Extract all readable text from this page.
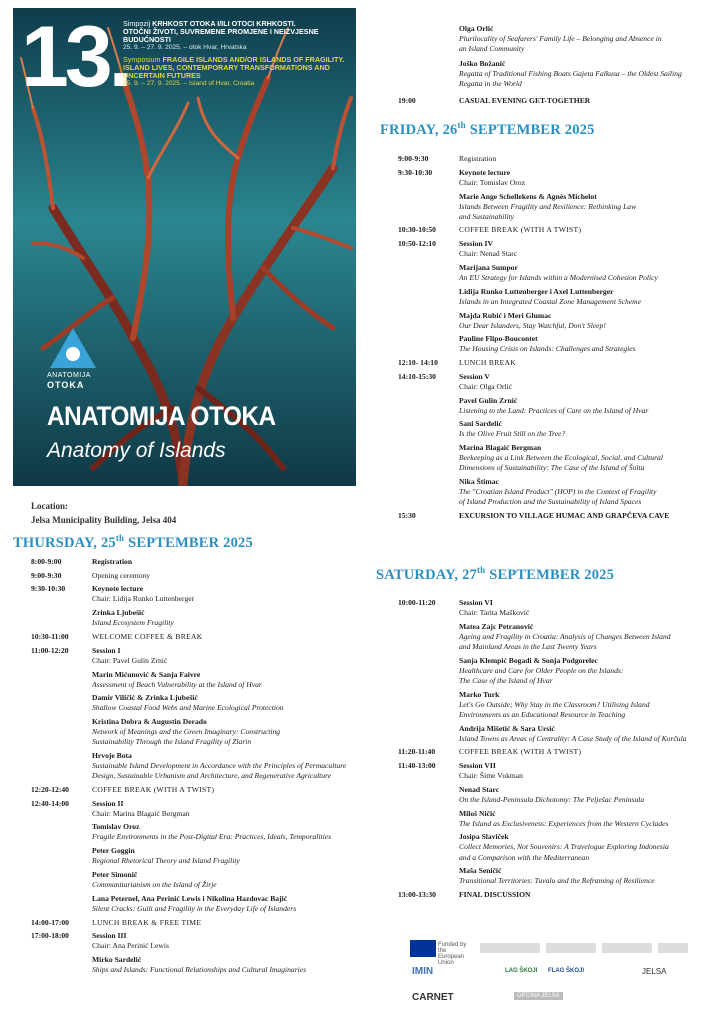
13.
Simpozij KRHKOST OTOKA I/ILI OTOCI KRHKOSTI.
OTOČNI ŽIVOTI, SUVREMENE PROMJENE I NEIZVJESNE BUDUĆNOSTI
25. 9. – 27. 9. 2025. – otok Hvar, Hrvatska
Symposium FRAGILE ISLANDS AND/OR ISLANDS OF FRAGILITY.
ISLAND LIVES, CONTEMPORARY TRANSFORMATIONS AND
UNCERTAIN FUTURES
25. 9. – 27. 9. 2025. – Island of Hvar, Croatia
ANATOMIJA
OTOKA
ANATOMIJA OTOKA
Anatomy of Islands
Location:
Jelsa Municipality Building, Jelsa 404
THURSDAY, 25th SEPTEMBER 2025
FRIDAY, 26th SEPTEMBER 2025
SATURDAY, 27th SEPTEMBER 2025
Olga Orlić
Plurilocality of Seafarers' Family Life – Belonging and Absence in
an Island Community
Joško Božanić
Regatta of Traditional Fishing Boats Gajeta Falkusa – the Oldest Sailing
Regatta in the World
19:00	CASUAL EVENING GET-TOGETHER
8:00-9:00	Registration
9:00-9:30	Opening ceremony
9:30-10:30	Keynote lecture
Chair: Lidija Runko Luttenberger
Zrinka Ljubešić
Island Ecosystem Fragility
10:30-11:00	WELCOME COFFEE & BREAK
11:00-12:20	Session I
Chair: Pavel Gulin Zrnić
Marin Mićunović & Sanja Faivre
Assessment of Beach Vulnerability at the Island of Hvar
Damir Viličić & Zrinka Ljubešić
Shallow Coastal Food Webs and Marine Ecological Protection
Kristina Dobra & Augustin Derado
Network of Meanings and the Green Imaginary: Constructing
Sustainability Through the Island Fragility of Zlarin
Hrvoje Bota
Sustainable Island Development in Accordance with the Principles of Permaculture
Design, Sustainable Urbanism and Architecture, and Regenerative Agriculture
12:20-12:40	COFFEE BREAK (WITH A TWIST)
12:40-14:00	Session II
Chair: Marina Blagaić Bergman
Tomislav Oroz
Fragile Environments in the Post-Digital Era: Practices, Ideals, Temporalities
Peter Goggin
Regional Rhetorical Theory and Island Fragility
Peter Simonič
Communitarianism on the Island of Žirje
Lana Peternel, Ana Perinić Lewis i Nikolina Hazdovac Bajić
Silent Cracks: Guilt and Fragility in the Everyday Life of Islanders
14:00-17:00	LUNCH BREAK & FREE TIME
17:00-18:00	Session III
Chair: Ana Perinić Lewis
Mirko Sardelić
Ships and Islands: Functional Relationships and Cultural Imaginaries
9:00-9:30	Registration
9:30-10:30	Keynote lecture
Chair: Tomislav Oroz
Marie Ange Schellekens & Agnès Michelot
Islands Between Fragility and Resilience: Rethinking Law
and Sustainability
10:30-10:50	COFFEE BREAK (WITH A TWIST)
10:50-12:10	Session IV
Chair: Nenad Starc
Marijana Sumpor
An EU Strategy for Islands within a Modernised Cohesion Policy
Lidija Runko Luttenberger i Axel Luttenberger
Islands in an Integrated Coastal Zone Management Scheme
Majda Rubić i Meri Glumac
Our Dear Islanders, Stay Watchful, Don't Sleep!
Pauline Flipo-Boucontet
The Housing Crisis on Islands: Challenges and Strategies
12:10- 14:10	LUNCH BREAK
14:10-15:30	Session V
Chair: Olga Orlić
Pavel Gulin Zrnić
Listening to the Land: Practices of Care on the Island of Hvar
Sani Sardelić
Is the Olive Fruit Still on the Tree?
Marina Blagaić Bergman
Beekeeping as a Link Between the Ecological, Social, and Cultural
Dimensions of Sustainability: The Case of the Island of Šolta
Nika Štimac
The "Croatian Island Product" (HOP) in the Context of Fragility
of Island Production and the Sustainability of Island Spaces
15:30	EXCURSION TO VILLAGE HUMAC AND GRAPČEVA CAVE
10:00-11:20	Session VI
Chair: Tarita Mašković
Matea Zajc Petranović
Ageing and Fragility in Croatia: Analysis of Changes Between Island
and Mainland Areas in the Last Twenty Years
Sanja Klempić Bogadi & Sonja Podgorelec
Healthcare and Care for Older People on the Islands:
The Case of the Island of Hvar
Marko Turk
Let's Go Outside; Why Stay in the Classroom? Utilising Island
Environments as an Educational Resource in Teaching
Andrija Mišetić & Sara Ursić
Island Towns as Areas of Centrality: A Case Study of the Island of Korčula
11:20-11:40	COFFEE BREAK (WITH A TWIST)
11:40-13:00	Session VII
Chair: Šime Vukman
Nenad Starc
On the Island-Peninsula Dichotomy: The Pelješac Peninsula
Miloš Ničić
The Island as Exclusiveness: Experiences from the Western Cyclades
Josipa Slaviček
Collect Memories, Not Souvenirs: A Travelogue Exploring Indonesia
and a Comparison with the Mediterranean
Maša Seničić
Transitional Territories: Tuvalu and the Reframing of Resilience
13:00-13:30	FINAL DISCUSSION
Funded by the European Union
IMIN	LAG ŠKOJI FLAG ŠKOJI	JELSA
CARNET	OPĆINA JELSA
